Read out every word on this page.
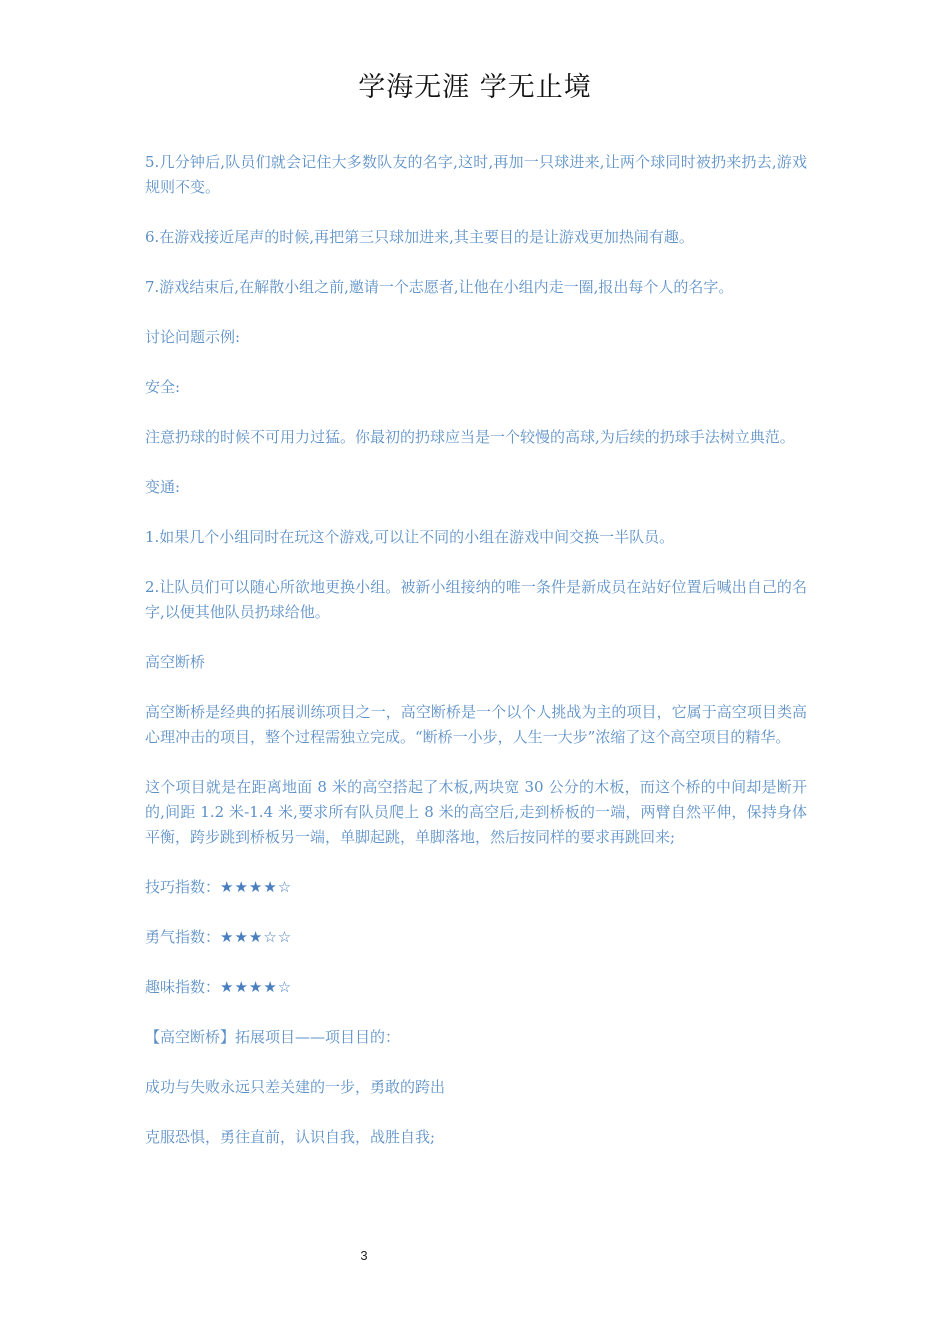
学海无涯 学无止境

5.几分钟后,队员们就会记住大多数队友的名字,这时,再加一只球进来,让两个球同时被扔来扔去,游戏规则不变。

6.在游戏接近尾声的时候,再把第三只球加进来,其主要目的是让游戏更加热闹有趣。

7.游戏结束后,在解散小组之前,邀请一个志愿者,让他在小组内走一圈,报出每个人的名字。

讨论问题示例:

安全:

注意扔球的时候不可用力过猛。你最初的扔球应当是一个较慢的高球,为后续的扔球手法树立典范。

变通:

1.如果几个小组同时在玩这个游戏,可以让不同的小组在游戏中间交换一半队员。

2.让队员们可以随心所欲地更换小组。被新小组接纳的唯一条件是新成员在站好位置后喊出自己的名字,以便其他队员扔球给他。

高空断桥

高空断桥是经典的拓展训练项目之一，高空断桥是一个以个人挑战为主的项目，它属于高空项目类高心理冲击的项目，整个过程需独立完成。“断桥一小步，人生一大步”浓缩了这个高空项目的精华。

这个项目就是在距离地面 8 米的高空搭起了木板,两块宽 30 公分的木板，而这个桥的中间却是断开的,间距 1.2 米-1.4 米,要求所有队员爬上 8 米的高空后,走到桥板的一端，两臂自然平伸，保持身体平衡，跨步跳到桥板另一端，单脚起跳，单脚落地，然后按同样的要求再跳回来;

技巧指数：★★★★☆

勇气指数：★★★☆☆

趣味指数：★★★★☆

【高空断桥】拓展项目——项目目的：

成功与失败永远只差关建的一步，勇敢的跨出

克服恐惧，勇往直前，认识自我，战胜自我;

3
